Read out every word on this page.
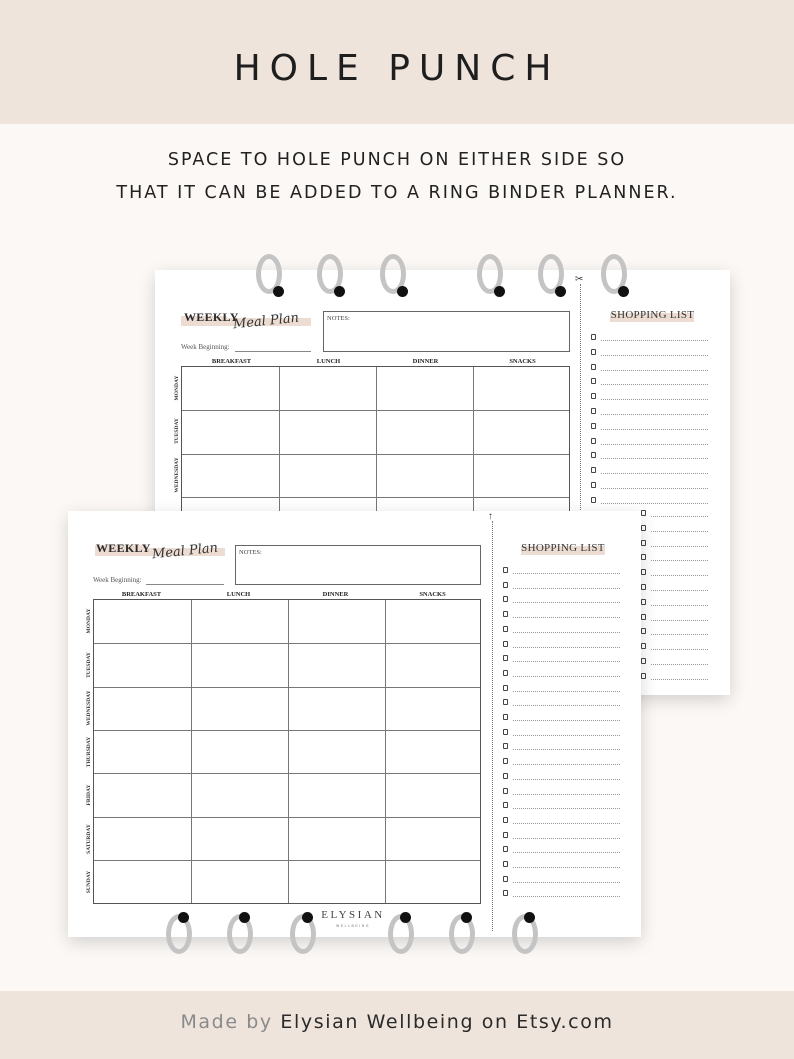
HOLE PUNCH
SPACE TO HOLE PUNCH ON EITHER SIDE SO
THAT IT CAN BE ADDED TO A RING BINDER PLANNER.
WEEKLY
Meal Plan
Week Beginning:
NOTES:
BREAKFAST	LUNCH	DINNER	SNACKS
MONDAY
TUESDAY
WEDNESDAY
✂
SHOPPING LIST
WEEKLY Meal Plan
Week Beginning:
NOTES:
BREAKFAST	LUNCH	DINNER	SNACKS
MONDAY
TUESDAY
WEDNESDAY
THURSDAY
FRIDAY
SATURDAY
SUNDAY
↑
SHOPPING LIST
ELYSIAN
WELLBEING
Made by Elysian Wellbeing on Etsy.com
